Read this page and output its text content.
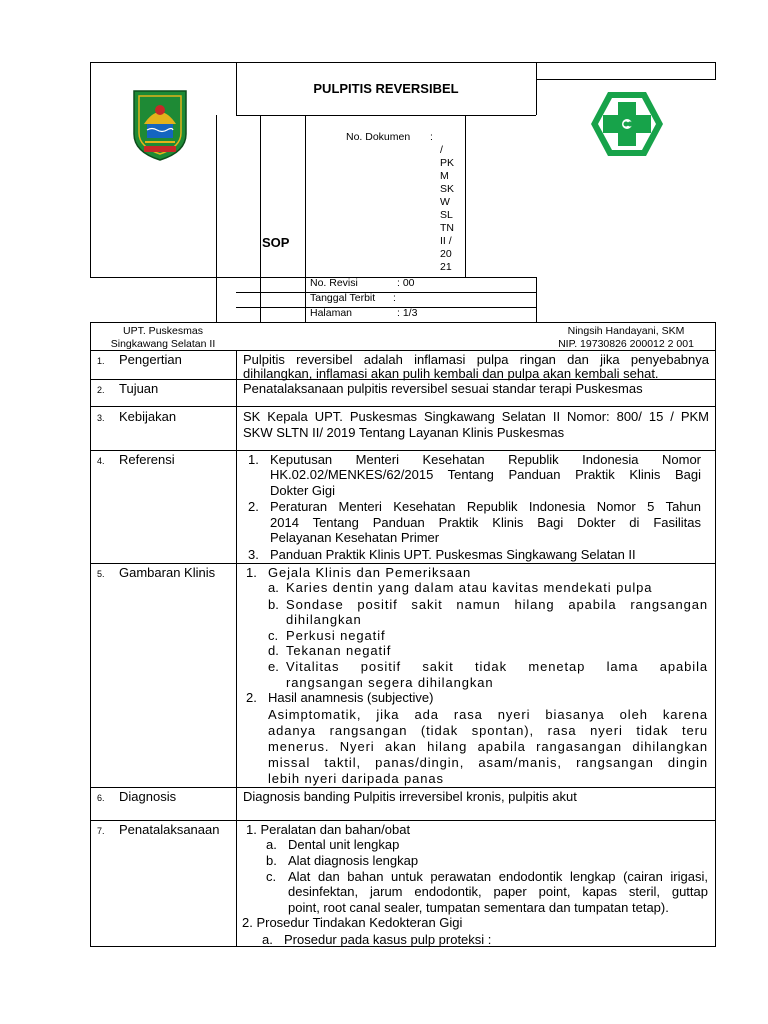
PULPITIS REVERSIBEL
SOP
No. Dokumen :
/
PK
M
SK
W
SL
TN
II /
20
21
No. Revisi	: 00
Tanggal Terbit :
Halaman	: 1/3
UPT. Puskesmas
Singkawang Selatan II
Ningsih Handayani, SKM
NIP. 19730826 200012 2 001
1. Pengertian	Pulpitis reversibel adalah inflamasi pulpa ringan dan jika penyebabnya
dihilangkan, inflamasi akan pulih kembali dan pulpa akan kembali sehat.
2. Tujuan	Penatalaksanaan pulpitis reversibel sesuai standar terapi Puskesmas
3. Kebijakan	SK Kepala UPT. Puskesmas Singkawang Selatan II Nomor: 800/ 15 / PKM
SKW SLTN II/ 2019 Tentang Layanan Klinis Puskesmas
4. Referensi	1. Keputusan Menteri Kesehatan Republik Indonesia Nomor
HK.02.02/MENKES/62/2015 Tentang Panduan Praktik Klinis Bagi
Dokter Gigi
2. Peraturan Menteri Kesehatan Republik Indonesia Nomor 5 Tahun
2014 Tentang Panduan Praktik Klinis Bagi Dokter di Fasilitas
Pelayanan Kesehatan Primer
3. Panduan Praktik Klinis UPT. Puskesmas Singkawang Selatan II
5. Gambaran Klinis 1. Gejala Klinis dan Pemeriksaan
a. Karies dentin yang dalam atau kavitas mendekati pulpa
b. Sondase positif sakit namun hilang apabila rangsangan
dihilangkan
c. Perkusi negatif
d. Tekanan negatif
e. Vitalitas positif sakit tidak menetap lama apabila
rangsangan segera dihilangkan
2. Hasil anamnesis (subjective)
Asimptomatik, jika ada rasa nyeri biasanya oleh karena
adanya rangsangan (tidak spontan), rasa nyeri tidak teru
menerus. Nyeri akan hilang apabila rangasangan dihilangkan
missal taktil, panas/dingin, asam/manis, rangsangan dingin
lebih nyeri daripada panas
6. Diagnosis	Diagnosis banding Pulpitis irreversibel kronis, pulpitis akut
7. Penatalaksanaan 1. Peralatan dan bahan/obat
a. Dental unit lengkap
b. Alat diagnosis lengkap
c. Alat dan bahan untuk perawatan endodontik lengkap (cairan irigasi,
desinfektan, jarum endodontik, paper point, kapas steril, guttap
point, root canal sealer, tumpatan sementara dan tumpatan tetap).
2. Prosedur Tindakan Kedokteran Gigi
a. Prosedur pada kasus pulp proteksi :
